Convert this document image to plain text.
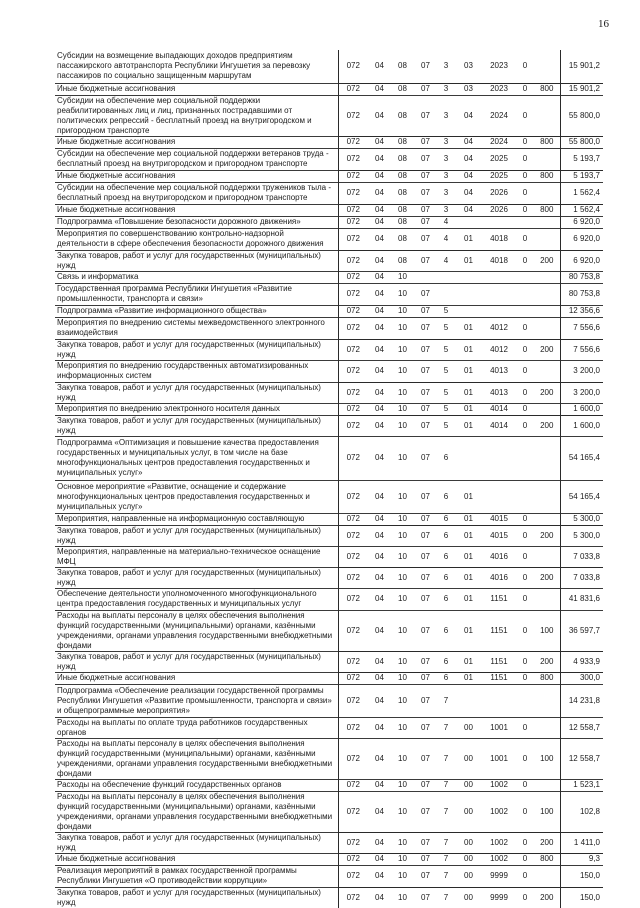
16
Субсидии на возмещение выпадающих доходов предприятиям пассажирского автотранспорта Республики Ингушетия за перевозку пассажиров по социально защищенным маршрутам	072	04	08	07	3	03	2023	0		15 901,2
Иные бюджетные ассигнования	072	04	08	07	3	03	2023	0	800	15 901,2
Субсидии на обеспечение мер социальной поддержки реабилитированных лиц и лиц, признанных пострадавшими от политических репрессий - бесплатный проезд на внутригородском и пригородном транспорте	072	04	08	07	3	04	2024	0		55 800,0
Иные бюджетные ассигнования	072	04	08	07	3	04	2024	0	800	55 800,0
Субсидии на обеспечение мер социальной поддержки ветеранов труда - бесплатный проезд на внутригородском и пригородном транспорте	072	04	08	07	3	04	2025	0		5 193,7
Иные бюджетные ассигнования	072	04	08	07	3	04	2025	0	800	5 193,7
Субсидии на обеспечение мер социальной поддержки тружеников тыла - бесплатный проезд на внутригородском и пригородном транспорте	072	04	08	07	3	04	2026	0		1 562,4
Иные бюджетные ассигнования	072	04	08	07	3	04	2026	0	800	1 562,4
Подпрограмма «Повышение безопасности дорожного движения»	072	04	08	07	4					6 920,0
Мероприятия по совершенствованию контрольно-надзорной деятельности в сфере обеспечения безопасности дорожного движения	072	04	08	07	4	01	4018	0		6 920,0
Закупка товаров, работ и услуг для государственных (муниципальных) нужд	072	04	08	07	4	01	4018	0	200	6 920,0
Связь и информатика	072	04	10							80 753,8
Государственная программа Республики Ингушетия «Развитие промышленности, транспорта и связи»	072	04	10	07						80 753,8
Подпрограмма «Развитие информационного общества»	072	04	10	07	5					12 356,6
Мероприятия по внедрению системы межведомственного электронного взаимодействия	072	04	10	07	5	01	4012	0		7 556,6
Закупка товаров, работ и услуг для государственных (муниципальных) нужд	072	04	10	07	5	01	4012	0	200	7 556,6
Мероприятия по внедрению государственных автоматизированных информационных систем	072	04	10	07	5	01	4013	0		3 200,0
Закупка товаров, работ и услуг для государственных (муниципальных) нужд	072	04	10	07	5	01	4013	0	200	3 200,0
Мероприятия по внедрению электронного носителя данных	072	04	10	07	5	01	4014	0		1 600,0
Закупка товаров, работ и услуг для государственных (муниципальных) нужд	072	04	10	07	5	01	4014	0	200	1 600,0
Подпрограмма «Оптимизация и повышение качества предоставления государственных и муниципальных услуг, в том числе на базе многофункциональных центров предоставления государственных и муниципальных услуг»	072	04	10	07	6					54 165,4
Основное мероприятие «Развитие, оснащение и содержание многофункциональных центров предоставления государственных и муниципальных услуг»	072	04	10	07	6	01				54 165,4
Мероприятия, направленные на информационную составляющую	072	04	10	07	6	01	4015	0		5 300,0
Закупка товаров, работ и услуг для государственных (муниципальных) нужд	072	04	10	07	6	01	4015	0	200	5 300,0
Мероприятия, направленные на материально-техническое оснащение МФЦ	072	04	10	07	6	01	4016	0		7 033,8
Закупка товаров, работ и услуг для государственных (муниципальных) нужд	072	04	10	07	6	01	4016	0	200	7 033,8
Обеспечение деятельности уполномоченного многофункционального центра предоставления государственных и муниципальных услуг	072	04	10	07	6	01	1151	0		41 831,6
Расходы на выплаты персоналу в целях обеспечения выполнения функций государственными (муниципальными) органами, казёнными учреждениями, органами управления государственными внебюджетными фондами	072	04	10	07	6	01	1151	0	100	36 597,7
Закупка товаров, работ и услуг для государственных (муниципальных) нужд	072	04	10	07	6	01	1151	0	200	4 933,9
Иные бюджетные ассигнования	072	04	10	07	6	01	1151	0	800	300,0
Подпрограмма «Обеспечение реализации государственной программы Республики Ингушетия «Развитие промышленности, транспорта и связи» и общепрограммные мероприятия»	072	04	10	07	7					14 231,8
Расходы на выплаты по оплате труда работников государственных органов	072	04	10	07	7	00	1001	0		12 558,7
Расходы на выплаты персоналу в целях обеспечения выполнения функций государственными (муниципальными) органами, казёнными учреждениями, органами управления государственными внебюджетными фондами	072	04	10	07	7	00	1001	0	100	12 558,7
Расходы на обеспечение функций государственных органов	072	04	10	07	7	00	1002	0		1 523,1
Расходы на выплаты персоналу в целях обеспечения выполнения функций государственными (муниципальными) органами, казёнными учреждениями, органами управления государственными внебюджетными фондами	072	04	10	07	7	00	1002	0	100	102,8
Закупка товаров, работ и услуг для государственных (муниципальных) нужд	072	04	10	07	7	00	1002	0	200	1 411,0
Иные бюджетные ассигнования	072	04	10	07	7	00	1002	0	800	9,3
Реализация мероприятий в рамках государственной программы Республики Ингушетия «О противодействии коррупции»	072	04	10	07	7	00	9999	0		150,0
Закупка товаров, работ и услуг для государственных (муниципальных) нужд	072	04	10	07	7	00	9999	0	200	150,0
